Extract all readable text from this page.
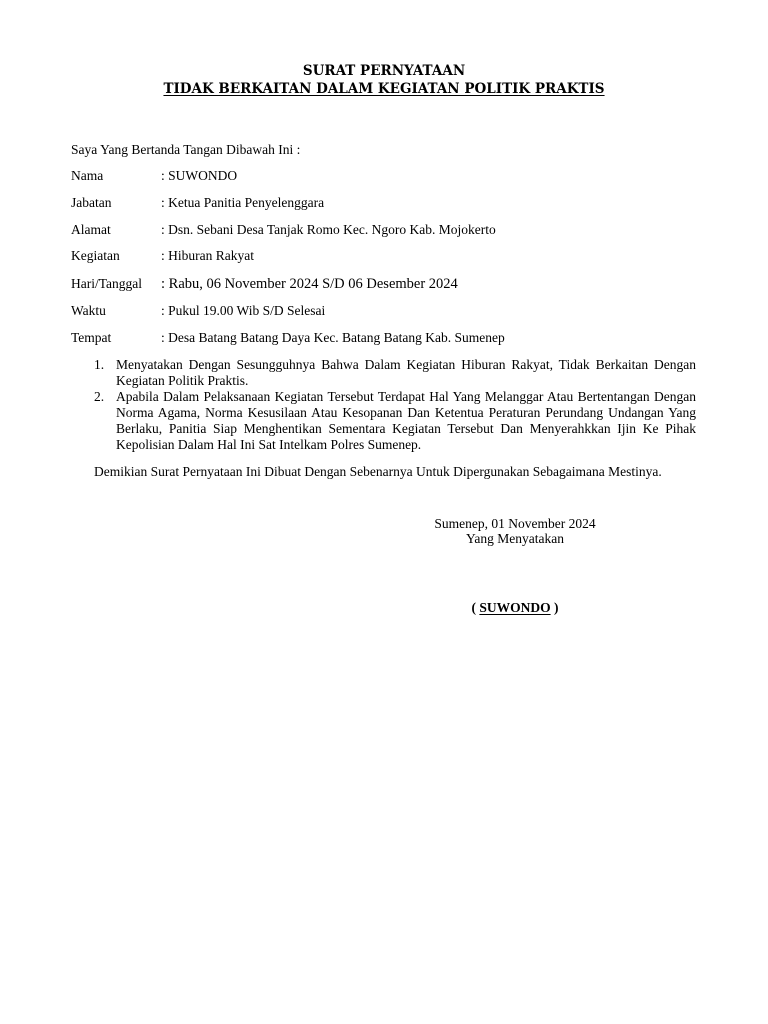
SURAT PERNYATAAN
TIDAK BERKAITAN DALAM KEGIATAN POLITIK PRAKTIS
Saya Yang Bertanda Tangan Dibawah Ini :
Nama	: SUWONDO
Jabatan	: Ketua Panitia Penyelenggara
Alamat	: Dsn. Sebani Desa Tanjak Romo Kec. Ngoro Kab. Mojokerto
Kegiatan	: Hiburan Rakyat
Hari/Tanggal : Rabu, 06 November 2024 S/D 06 Desember 2024
Waktu	: Pukul 19.00 Wib S/D Selesai
Tempat	: Desa Batang Batang Daya Kec. Batang Batang Kab. Sumenep
1. Menyatakan Dengan Sesungguhnya Bahwa Dalam Kegiatan Hiburan Rakyat, Tidak Berkaitan Dengan Kegiatan Politik Praktis.
2. Apabila Dalam Pelaksanaan Kegiatan Tersebut Terdapat Hal Yang Melanggar Atau Bertentangan Dengan Norma Agama, Norma Kesusilaan Atau Kesopanan Dan Ketentua Peraturan Perundang Undangan Yang Berlaku, Panitia Siap Menghentikan Sementara Kegiatan Tersebut Dan Menyerahkkan Ijin Ke Pihak Kepolisian Dalam Hal Ini Sat Intelkam Polres Sumenep.
Demikian Surat Pernyataan Ini Dibuat Dengan Sebenarnya Untuk Dipergunakan Sebagaimana Mestinya.
Sumenep, 01 November 2024
Yang Menyatakan
( SUWONDO )
